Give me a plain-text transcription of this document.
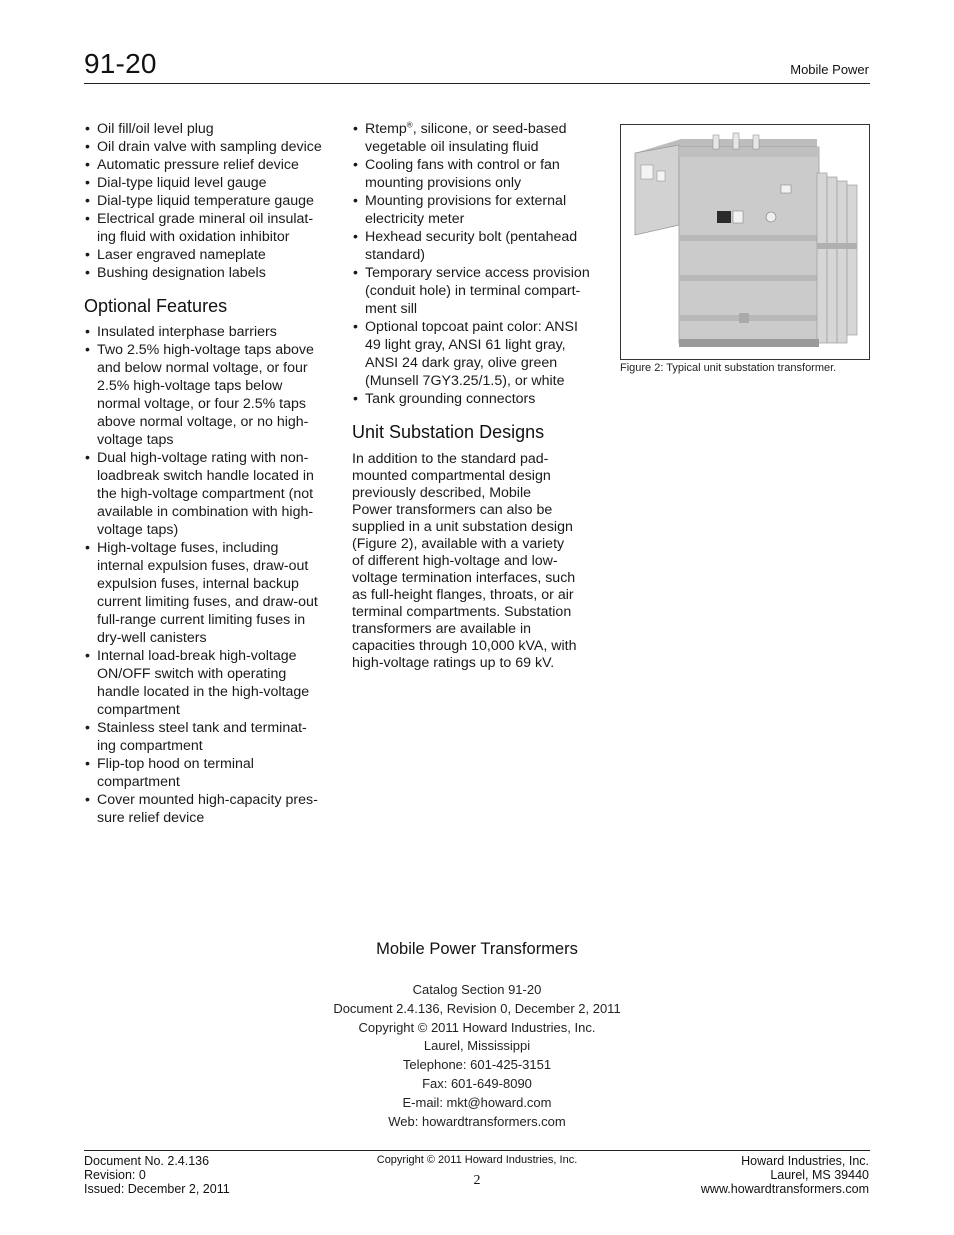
91-20	Mobile Power
• Oil fill/oil level plug
• Oil drain valve with sampling device
• Automatic pressure relief device
• Dial-type liquid level gauge
• Dial-type liquid temperature gauge
• Electrical grade mineral oil insulat-
ing fluid with oxidation inhibitor
• Laser engraved nameplate
• Bushing designation labels
Optional Features
• Insulated interphase barriers
• Two 2.5% high-voltage taps above
and below normal voltage, or four
2.5% high-voltage taps below
normal voltage, or four 2.5% taps
above normal voltage, or no high-
voltage taps
• Dual high-voltage rating with non-
loadbreak switch handle located in
the high-voltage compartment (not
available in combination with high-
voltage taps)
• High-voltage fuses, including
internal expulsion fuses, draw-out
expulsion fuses, internal backup
current limiting fuses, and draw-out
full-range current limiting fuses in
dry-well canisters
• Internal load-break high-voltage
ON/OFF switch with operating
handle located in the high-voltage
compartment
• Stainless steel tank and terminat-
ing compartment
• Flip-top hood on terminal
compartment
• Cover mounted high-capacity pres-
sure relief device
• Rtemp®, silicone, or seed-based
vegetable oil insulating fluid
• Cooling fans with control or fan
mounting provisions only
• Mounting provisions for external
electricity meter
• Hexhead security bolt (pentahead
standard)
• Temporary service access provision
(conduit hole) in terminal compart-
ment sill
• Optional topcoat paint color: ANSI
49 light gray, ANSI 61 light gray,
ANSI 24 dark gray, olive green
(Munsell 7GY3.25/1.5), or white
• Tank grounding connectors
Unit Substation Designs

In addition to the standard pad-
mounted compartmental design
previously described, Mobile
Power transformers can also be
supplied in a unit substation design
(Figure 2), available with a variety
of different high-voltage and low-
voltage termination interfaces, such
as full-height flanges, throats, or air
terminal compartments. Substation
transformers are available in
capacities through 10,000 kVA, with
high-voltage ratings up to 69 kV.

Figure 2: Typical unit substation transformer.
Mobile Power Transformers
Catalog Section 91-20
Document 2.4.136, Revision 0, December 2, 2011
Copyright © 2011 Howard Industries, Inc.
Laurel, Mississippi
Telephone: 601-425-3151
Fax: 601-649-8090
E-mail: mkt@howard.com
Web: howardtransformers.com
Document No. 2.4.136
Revision: 0
Issued: December 2, 2011
Copyright © 2011 Howard Industries, Inc.
2
Howard Industries, Inc.
Laurel, MS 39440
www.howardtransformers.com
